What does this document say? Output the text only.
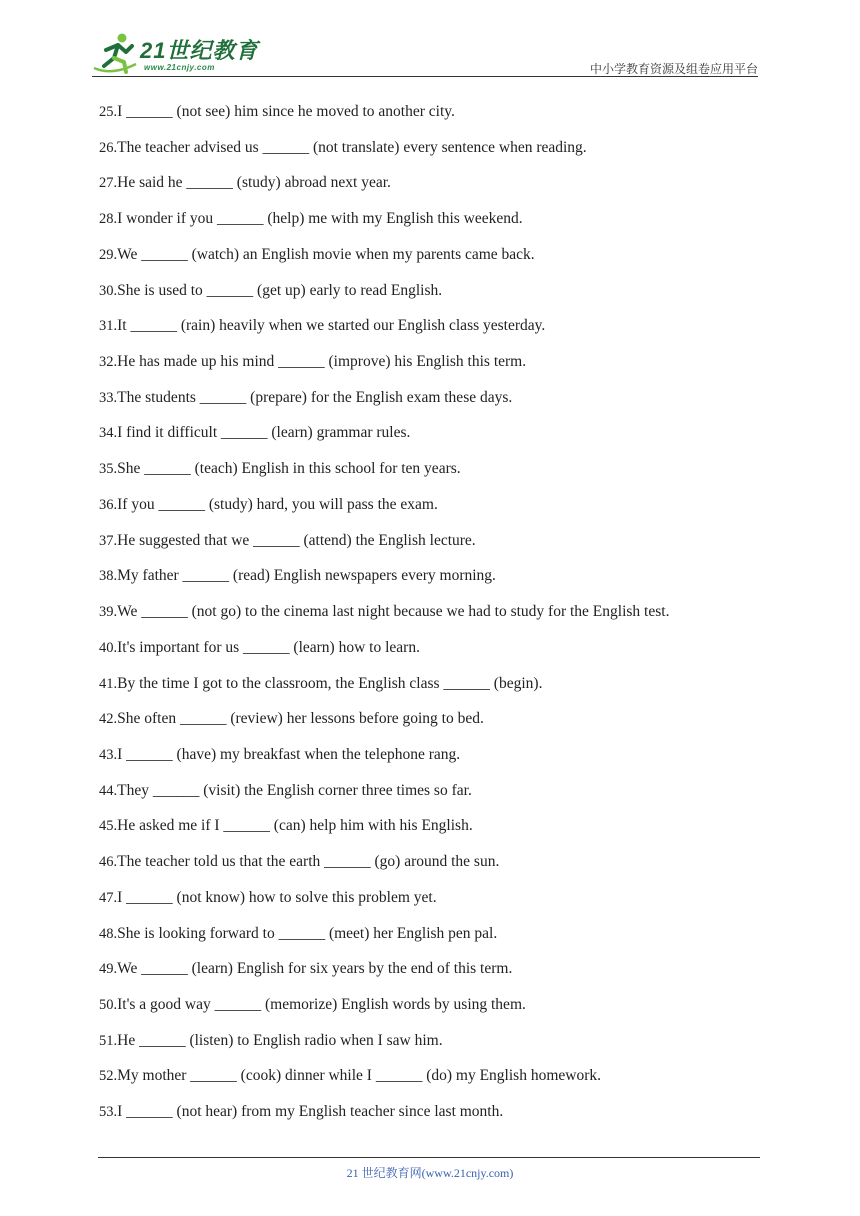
21世纪教育
www.21cnjy.com	中小学教育资源及组卷应用平台
25.I ______ (not see) him since he moved to another city.
26.The teacher advised us ______ (not translate) every sentence when reading.
27.He said he ______ (study) abroad next year.
28.I wonder if you ______ (help) me with my English this weekend.
29.We ______ (watch) an English movie when my parents came back.
30.She is used to ______ (get up) early to read English.
31.It ______ (rain) heavily when we started our English class yesterday.
32.He has made up his mind ______ (improve) his English this term.
33.The students ______ (prepare) for the English exam these days.
34.I find it difficult ______ (learn) grammar rules.
35.She ______ (teach) English in this school for ten years.
36.If you ______ (study) hard, you will pass the exam.
37.He suggested that we ______ (attend) the English lecture.
38.My father ______ (read) English newspapers every morning.
39.We ______ (not go) to the cinema last night because we had to study for the English test.
40.It's important for us ______ (learn) how to learn.
41.By the time I got to the classroom, the English class ______ (begin).
42.She often ______ (review) her lessons before going to bed.
43.I ______ (have) my breakfast when the telephone rang.
44.They ______ (visit) the English corner three times so far.
45.He asked me if I ______ (can) help him with his English.
46.The teacher told us that the earth ______ (go) around the sun.
47.I ______ (not know) how to solve this problem yet.
48.She is looking forward to ______ (meet) her English pen pal.
49.We ______ (learn) English for six years by the end of this term.
50.It's a good way ______ (memorize) English words by using them.
51.He ______ (listen) to English radio when I saw him.
52.My mother ______ (cook) dinner while I ______ (do) my English homework.
53.I ______ (not hear) from my English teacher since last month.
21 世纪教育网(www.21cnjy.com)
